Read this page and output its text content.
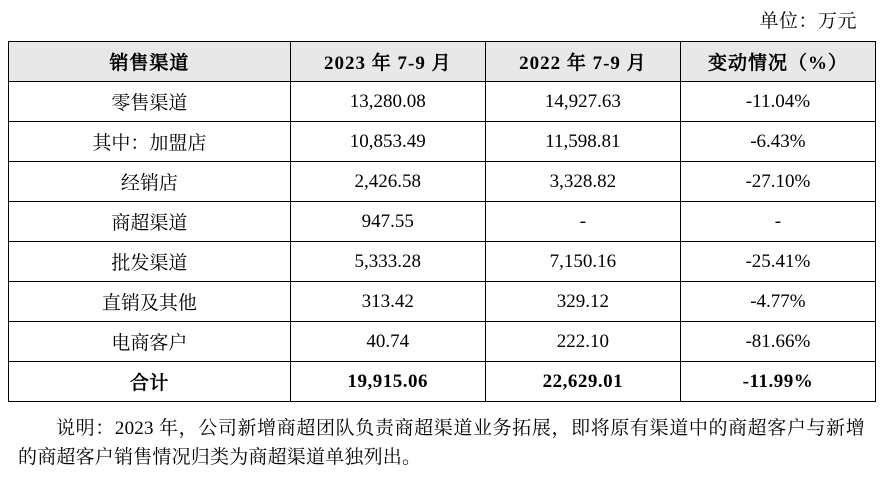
单位：万元
销售渠道	2023 年 7-9 月	2022 年 7-9 月	变动情况（%）
零售渠道	13,280.08	14,927.63	-11.04%
其中：加盟店	10,853.49	11,598.81	-6.43%
经销店	2,426.58	3,328.82	-27.10%
商超渠道	947.55	-	-
批发渠道	5,333.28	7,150.16	-25.41%
直销及其他	313.42	329.12	-4.77%
电商客户	40.74	222.10	-81.66%
合计	19,915.06	22,629.01	-11.99%
说明：2023 年，公司新增商超团队负责商超渠道业务拓展，即将原有渠道中的商超客户与新增的商超客户销售情况归类为商超渠道单独列出。
